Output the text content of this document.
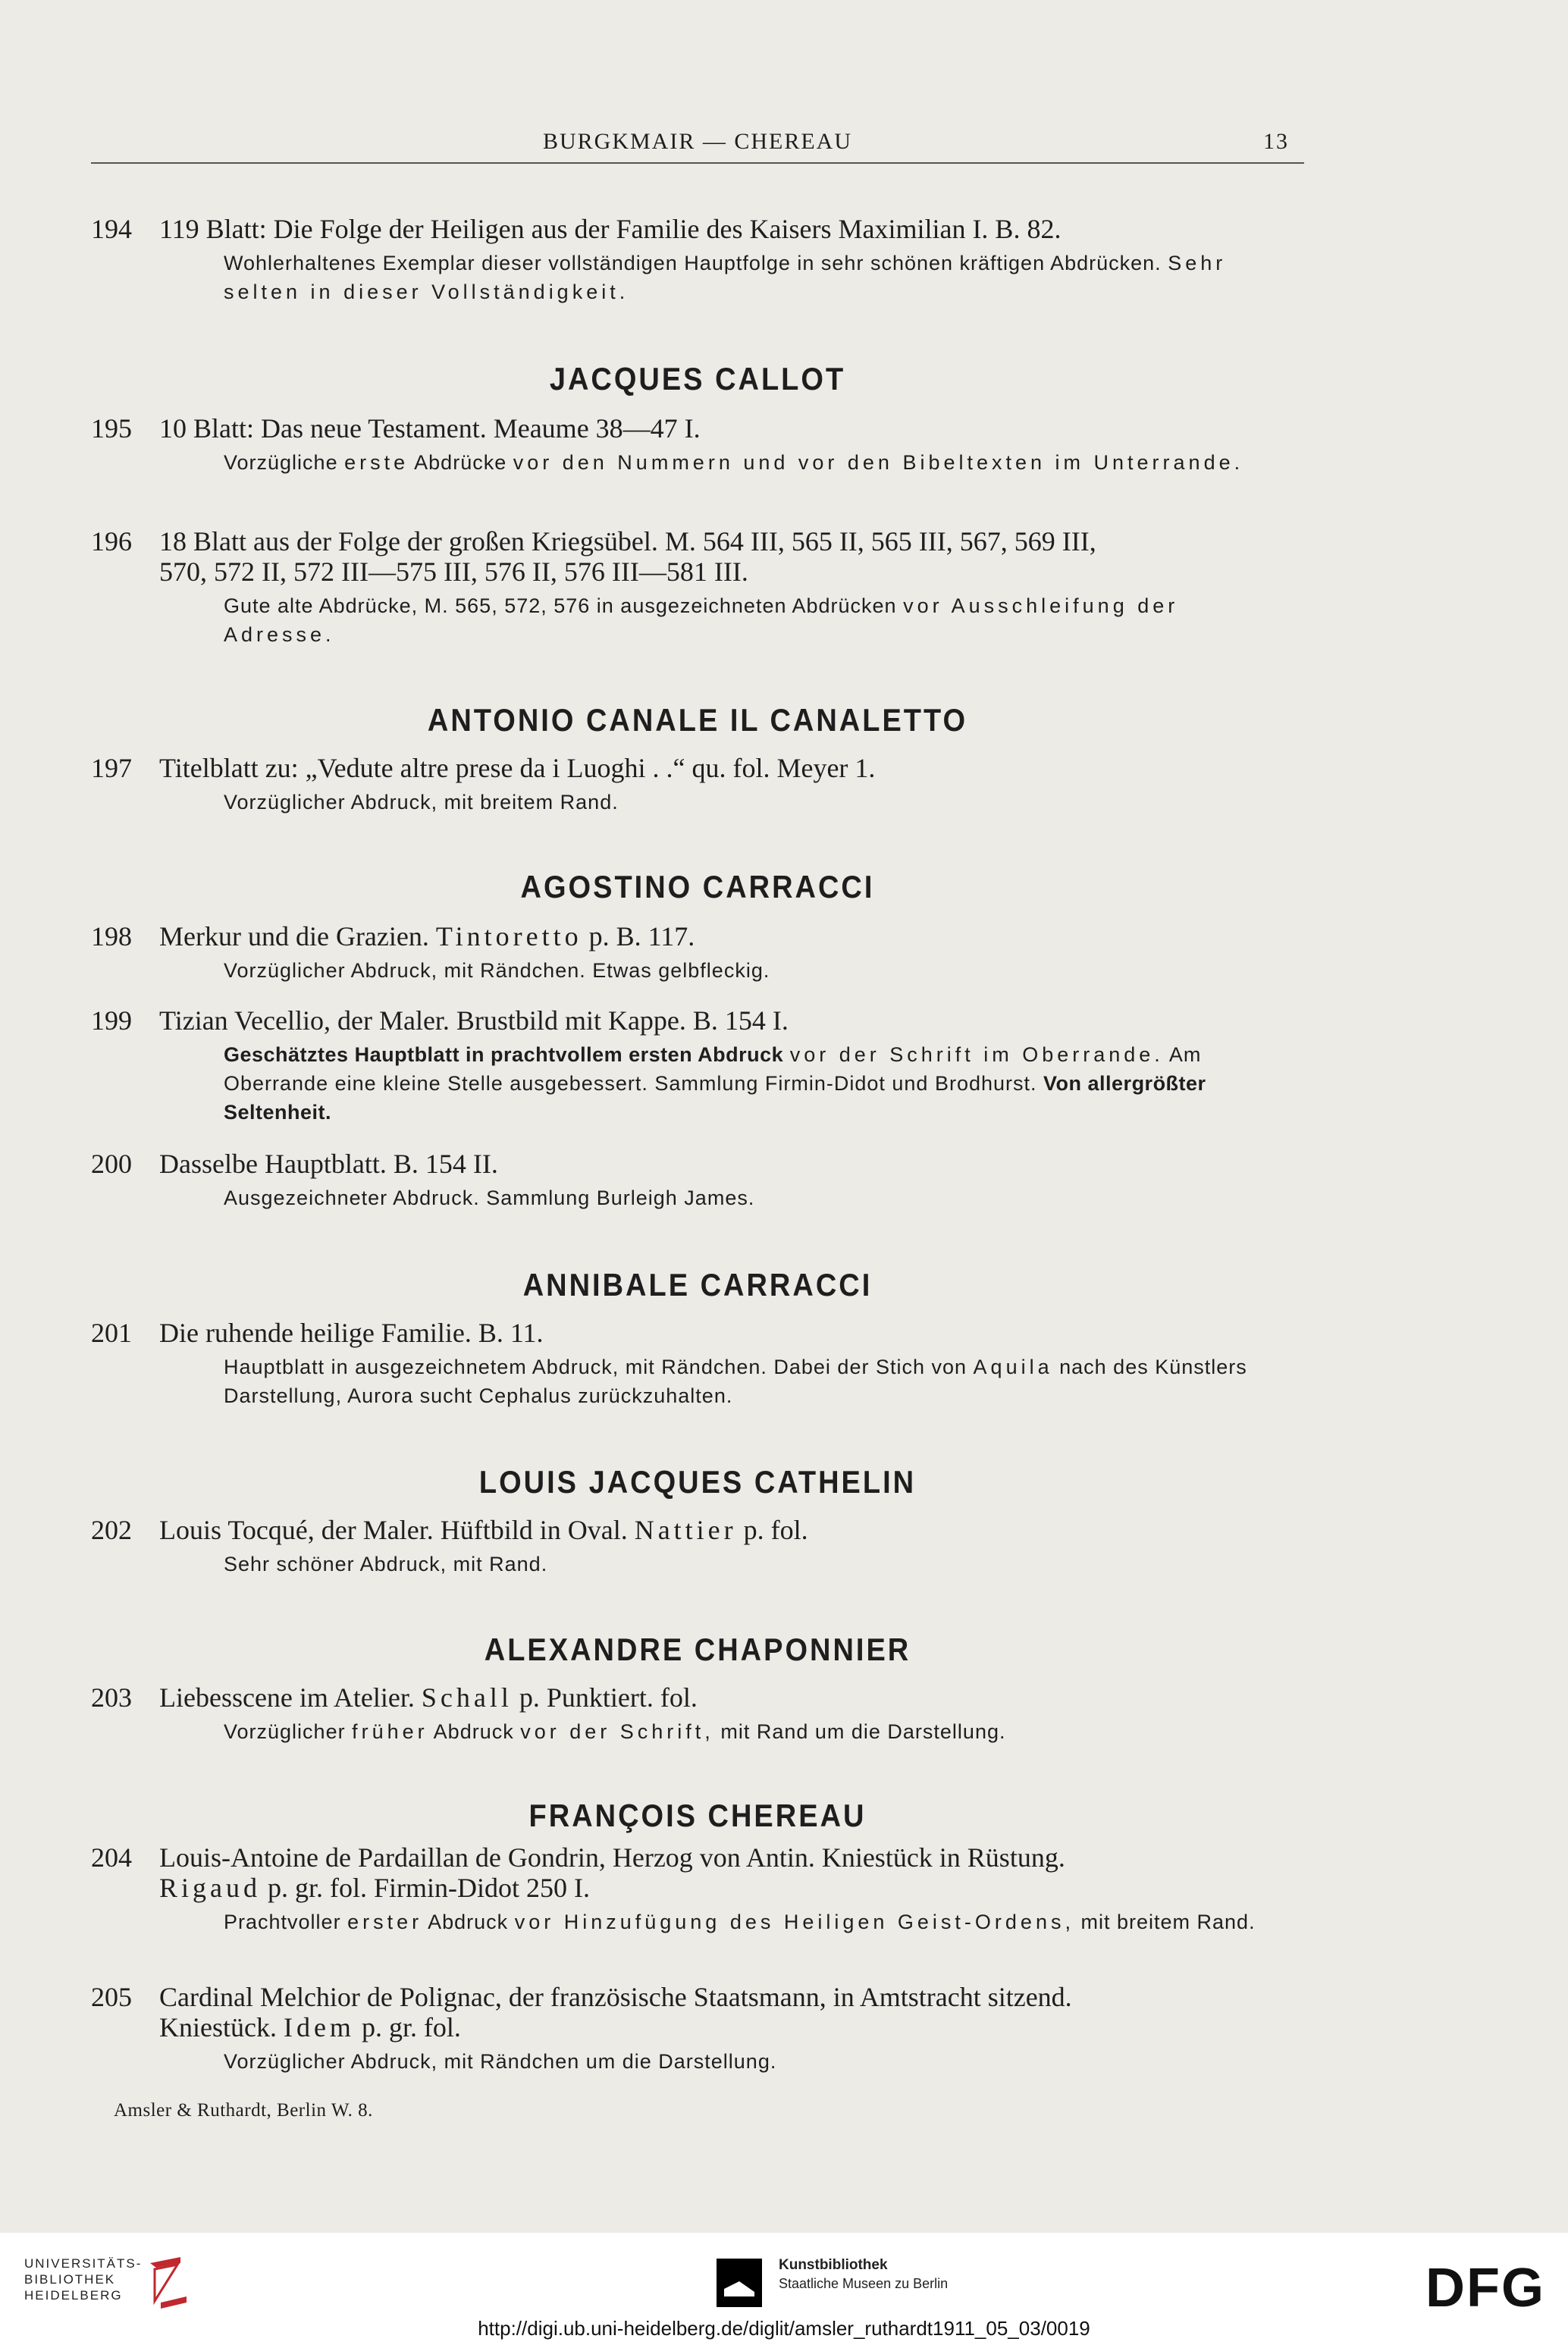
BURGKMAIR — CHEREAU	13
194	119 Blatt: Die Folge der Heiligen aus der Familie des Kaisers Maximilian I. B. 82.
Wohlerhaltenes Exemplar dieser vollständigen Hauptfolge in sehr schönen kräftigen Abdrücken. Sehr selten in dieser Vollständigkeit.
JACQUES CALLOT
195	10 Blatt: Das neue Testament. Meaume 38—47 I.
Vorzügliche erste Abdrücke vor den Nummern und vor den Bibeltexten im Unterrande.
196	18 Blatt aus der Folge der großen Kriegsübel. M. 564 III, 565 II, 565 III, 567, 569 III,
570, 572 II, 572 III—575 III, 576 II, 576 III—581 III.
Gute alte Abdrücke, M. 565, 572, 576 in ausgezeichneten Abdrücken vor Ausschleifung der Adresse.
ANTONIO CANALE IL CANALETTO
197	Titelblatt zu: „Vedute altre prese da i Luoghi . .“ qu. fol. Meyer 1.
Vorzüglicher Abdruck, mit breitem Rand.
AGOSTINO CARRACCI
198	Merkur und die Grazien. Tintoretto p. B. 117.
Vorzüglicher Abdruck, mit Rändchen. Etwas gelbfleckig.
199	Tizian Vecellio, der Maler. Brustbild mit Kappe. B. 154 I.
Geschätztes Hauptblatt in prachtvollem ersten Abdruck vor der Schrift im Oberrande. Am Oberrande eine kleine Stelle ausgebessert. Sammlung Firmin-Didot und Brodhurst. Von allergrößter Seltenheit.
200	Dasselbe Hauptblatt. B. 154 II.
Ausgezeichneter Abdruck. Sammlung Burleigh James.
ANNIBALE CARRACCI
201	Die ruhende heilige Familie. B. 11.
Hauptblatt in ausgezeichnetem Abdruck, mit Rändchen. Dabei der Stich von Aquila nach des Künstlers Darstellung, Aurora sucht Cephalus zurückzuhalten.
LOUIS JACQUES CATHELIN
202	Louis Tocqué, der Maler. Hüftbild in Oval. Nattier p. fol.
Sehr schöner Abdruck, mit Rand.
ALEXANDRE CHAPONNIER
203	Liebesscene im Atelier. Schall p. Punktiert. fol.
Vorzüglicher früher Abdruck vor der Schrift, mit Rand um die Darstellung.
FRANÇOIS CHEREAU
204	Louis-Antoine de Pardaillan de Gondrin, Herzog von Antin. Kniestück in Rüstung.
Rigaud p. gr. fol. Firmin-Didot 250 I.
Prachtvoller erster Abdruck vor Hinzufügung des Heiligen Geist-Ordens, mit breitem Rand.
205	Cardinal Melchior de Polignac, der französische Staatsmann, in Amtstracht sitzend.
Kniestück. Idem p. gr. fol.
Vorzüglicher Abdruck, mit Rändchen um die Darstellung.
Amsler & Ruthardt, Berlin W. 8.
UNIVERSITÄTS-
BIBLIOTHEK
HEIDELBERG
Kunstbibliothek
Staatliche Museen zu Berlin	DFG
http://digi.ub.uni-heidelberg.de/diglit/amsler_ruthardt1911_05_03/0019
